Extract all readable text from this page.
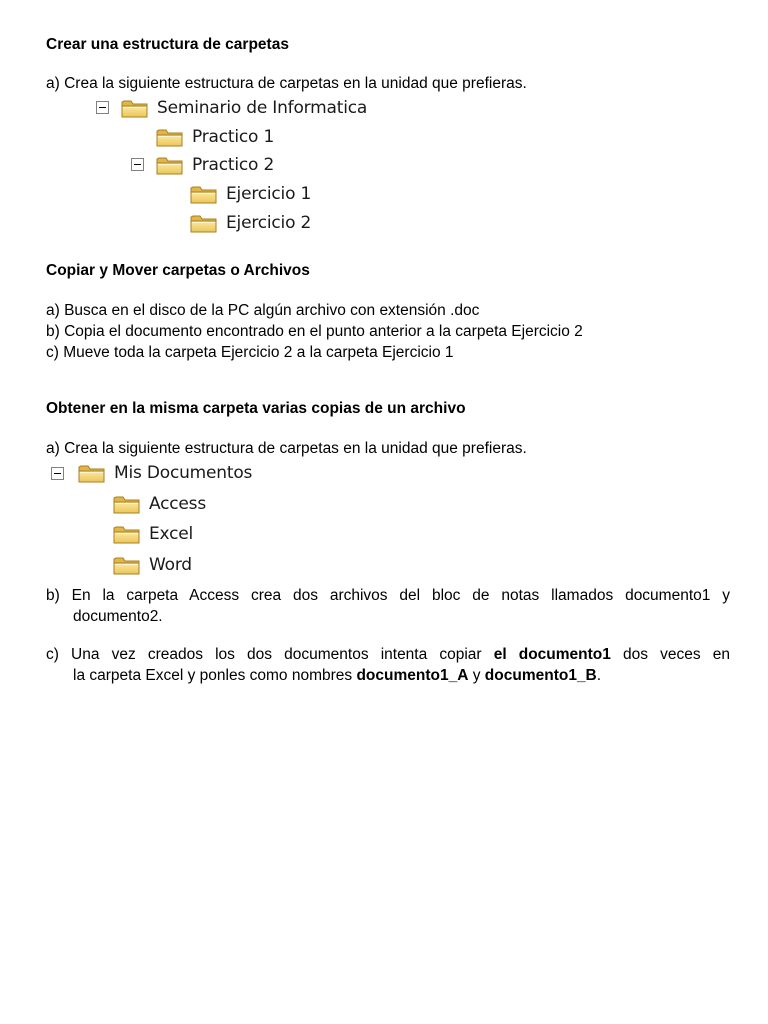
Crear una estructura de carpetas
a) Crea la siguiente estructura de carpetas en la unidad que prefieras.
Seminario de Informatica
Practico 1
Practico 2
Ejercicio 1
Ejercicio 2
Copiar y Mover carpetas o Archivos
a) Busca en el disco de la PC algún archivo con extensión .doc
b) Copia el documento encontrado en el punto anterior a la carpeta Ejercicio 2
c) Mueve toda la carpeta Ejercicio 2 a la carpeta Ejercicio 1
Obtener en la misma carpeta varias copias de un archivo
a) Crea la siguiente estructura de carpetas en la unidad que prefieras.
Mis Documentos
Access
Excel
Word
b) En la carpeta Access crea dos archivos del bloc de notas llamados documento1 y
documento2.
c) Una vez creados los dos documentos intenta copiar el documento1 dos veces en
la carpeta Excel y ponles como nombres documento1_A y documento1_B.
